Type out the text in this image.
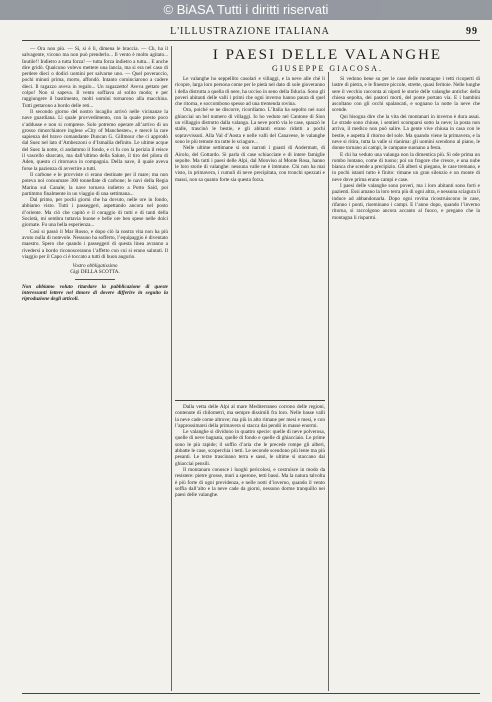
© BiASA Tutti i diritti riservati
L'ILLUSTRAZIONE ITALIANA	99
I PAESI DELLE VALANGHE
GIUSEPPE GIACOSA.

— Ora non più. — Sì, si è lì, dimena le braccia. — Ch, ha il salvagente, vicono ma non può prenderlo... Il vento è molto agitato... Inutile!! Indietro a tutta forza! — tutta forza indietro a tutta... E anche dire gridò. Qualcuno volevo mettere una lancia, ma si era nel caso di perdere dieci o dodici uomini per salvarne uno. — Quel poveraccio, pochi minuti prima, morto, affondò. Intanto cominciarono a cadere dieci. Il ragazzo aveva in regalo... Un ragazzetto! Aveva gettato per colpo! Non si sapeva. Il vento soffiava al solito modo; e per raggiungere il bastimento, molti uomini tornarono alla macchina. Tutti gettarono a bordo delle reti...

Il secondo giorno del nostro incaglio arrivò nelle vicinanze la nave guardiana. Lì quale provvedimento, con la quale presto poco s’addusse e non si comprese. Solo potremo operare all’arrivo di un grosso rimorchiatore inglese «City of Manchester», e mercè la rare sapienza del bravo comandante Duncan G. Gillmour che ci approdò dal Suez nel lato d’Ambezzoni o d’Ismailia definito. Le ultime acque del Suez la notte, ci andammo il fondo, e ci fu con la perizia il reisce il vascello sbarcato, ma dall’ultimo della Salute, il tiro del pilota di Aden, questo ci ritornava in compagnia. Della nave, il quale aveva forse la pazienza di avvertire a tutti.

Il carbone e le provviste ci erano destinate per il mare; ma non poteva noi consumare 300 tonnellate di carbone; le navi della Regia Marina sul Canale; la nave tornava indietro a Porto Said, poi partimmo finalmente in un viaggio di una settimana...

Dal primo, per pochi giorni che ha dovuto, nelle ore in fondo, abbiamo visto. Tutti i passeggeri, aspettando ancora nel posto d’oriente. Ma ciò che capitò e il coraggio di tutti e di tanti della Società, mi sembra tuttavia buone e belle ore ben spese nelle dolci giornate. Fu una bella esperienza...

Così si passò il Mar Rosso, e dopo ciò la nostra vita non ha più avuto nulla di notevole. Nessuno ha sofferto, l’equipaggio è diventato maestro. Spero che quando i passeggeri di questa linea avranno a rivedersi a bordo riconosceranno l’affetto con cui si erano salutati. Il viaggio per il Capo ci è toccato a tutti di buon augurio.

Vostro obbligatissimo

Gigi DELLA SCOTTA.

Non abbiamo voluto ritardare la pubblicazione di queste interessanti lettere nel timore di dovere differire in seguito la riproduzione degli articoli.

Le valanghe ho seppellito casolari e villaggi, e la neve alle ché li ricopre, larga loro persona come per le pietà nel dato di sole gioveranno i della distrutta a quella di nere, ha ucciso in seno della fiducia. Sono gli poveri abitanti delle valli i primi che ogni inverno hanno paura di quel che ritorna, e soccombono spesso ad una tremenda rovina.

Ora, poiché se ne discorre, ricordiamo. L’Italia ha sepolto nei suoi ghiacciai un bel numero di villaggi. Io ho veduto nel Cantone di Sion un villaggio distrutto dalla valanga. La neve portò via le case, spazzò le stalle, trascinò le bestie, e gli abitanti erano ridotti a pochi sopravvissuti. Alla Val d’Aosta e nelle valli del Canavese, le valanghe sono le più temute tra tutte le sciagure...

Nelle ultime settimane si son narrati i guasti di Andermatt, di Airolo, del Gottardo. Si parla di case schiacciate e di intere famiglie sepolte. Ma tutti i paesi delle Alpi, dal Monviso al Monte Rosa, hanno le loro storie di valanghe: nessuna valle ne è immune. Chi non ha mai visto, in primavera, i cumuli di neve precipitata, con tronchi spezzati e massi, non sa quanto forte sia questa forza.

Dalla vetta delle Alpi al mare Mediterraneo corrono delle regioni, contenute di chilometri, ma sempre dissimili fra loro. Nelle basse valli la neve cade come altrove; ma più in alto rimane per mesi e mesi, e con l’approssimarsi della primavera si stacca dai pendii in masse enormi.

Le valanghe si dividono in quattro specie: quelle di neve polverosa, quelle di neve bagnata, quelle di fondo e quelle di ghiacciaio. Le prime sono le più rapide; il soffio d’aria che le precede rompe gli alberi, abbatte le case, scoperchia i tetti. Le seconde scendono più lente ma più pesanti. Le terze trascinano terra e sassi, le ultime si staccano dai ghiacciai pensili.

Il montanaro conosce i luoghi pericolosi, e costruisce in modo da resistere: pietre grosse, muri a sperone, tetti bassi. Ma la natura talvolta è più forte di ogni previdenza, e nelle notti d’inverno, quando il vento soffia dall’alto e la neve cade da giorni, nessuno dorme tranquillo nei paesi delle valanghe.

Si vedono bene su per le case delle montagne i tetti ricoperti di lastre di pietra, e le finestre piccole, strette, quasi feritoie. Nelle lunghe sere il vecchio racconta ai nipoti le storie delle valanghe antiche: della chiesa sepolta, dei pastori morti, del ponte portato via. E i bambini ascoltano con gli occhi spalancati, e sognano la notte la neve che scende.

Qui bisogna dire che la vita dei montanari in inverno è dura assai. Le strade sono chiuse, i sentieri scomparsi sotto la neve; la posta non arriva, il medico non può salire. La gente vive chiusa in casa con le bestie, e aspetta il ritorno del sole. Ma quando viene la primavera, e la neve si ritira, tutta la valle si rianima: gli uomini scendono al piano, le donne tornano ai campi, le campane suonano a festa.

E chi ha veduto una valanga non la dimentica più. Si ode prima un rombo lontano, come di tuono; poi un fragore che cresce, e una nube bianca che scende a precipizio. Gli alberi si piegano, le case tremano, e in pochi istanti tutto è finito: rimane un gran silenzio e un monte di neve dove prima erano campi e case.

I paesi delle valanghe sono poveri, ma i loro abitanti sono forti e pazienti. Essi amano la loro terra più di ogni altra, e nessuna sciagura li induce ad abbandonarla. Dopo ogni rovina ricostruiscono le case, rifanno i ponti, riseminano i campi. E l’anno dopo, quando l’inverno ritorna, si raccolgono ancora accanto al fuoco, e pregano che la montagna li risparmi.
